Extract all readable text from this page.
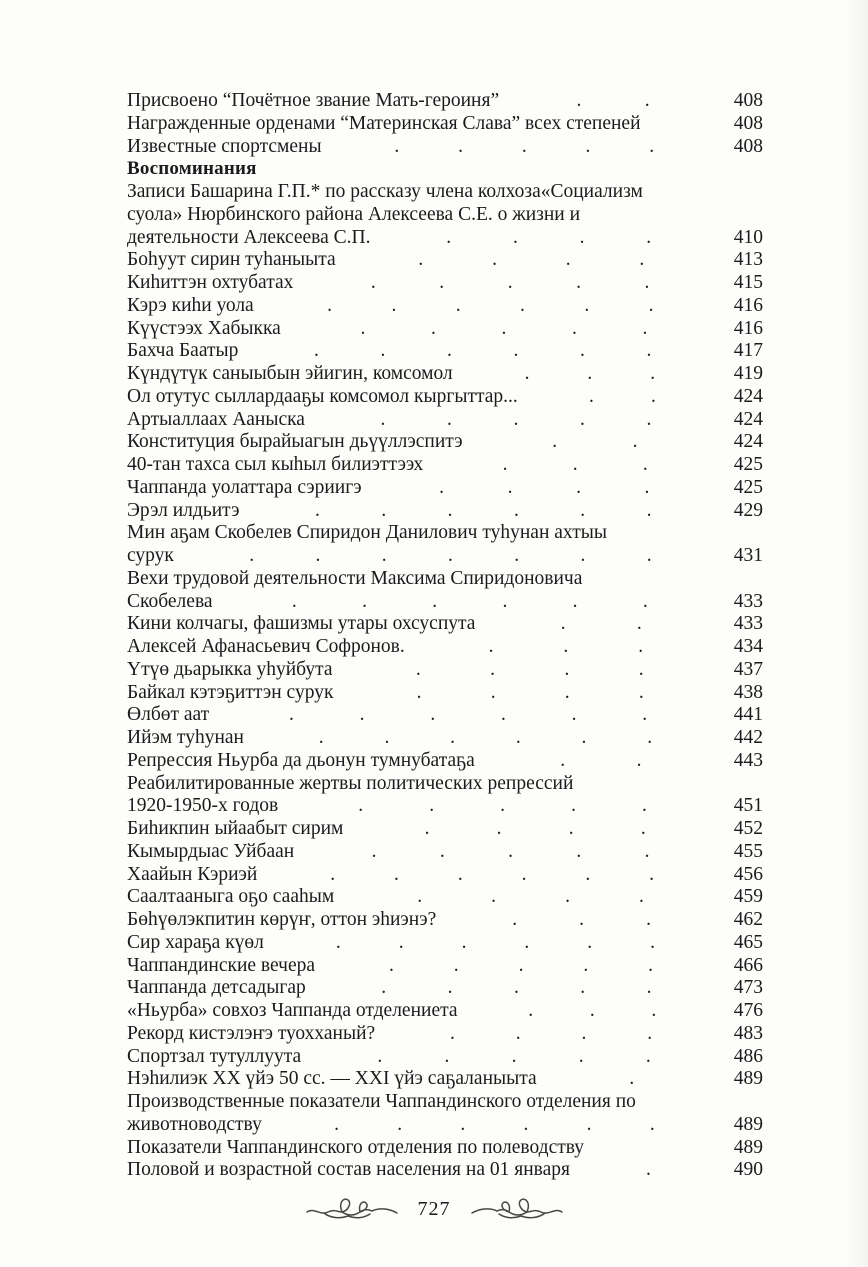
Присвоено “Почётное звание Мать-героиня”	.	.	408
Награжденные орденами “Материнская Слава” всех степеней	408
Известные спортсмены	.	.	.	.	.	408
Воспоминания
Записи Башарина Г.П.* по рассказу члена колхоза«Социализм
суола» Нюрбинского района Алексеева С.Е. о жизни и
деятельности Алексеева С.П.	.	.	.	.	410
Боһуут сирин туһаныыта	.	.	.	.	413
Киһиттэн охтубатах	.	.	.	.	.	415
Кэрэ киһи уола	.	.	.	.	.	.	416
Күүстээх Хабыкка	.	.	.	.	.	416
Бахча Баатыр	.	.	.	.	.	.	417
Күндүтүк саныыбын эйигин, комсомол	.	.	.	419
Ол отутус сыллардааҕы комсомол кыргыттар...	.	.	424
Артыаллаах Ааныска	.	.	.	.	.	424
Конституция бырайыагын дьүүллэспитэ	.	.	424
40-тан тахса сыл кыһыл билиэттээх	.	.	.	425
Чаппанда уолаттара сэриигэ	.	.	.	.	425
Эрэл илдьитэ	.	.	.	.	.	.	429
Мин аҕам Скобелев Спиридон Данилович туһунан ахтыы
сурук	.	.	.	.	.	.	.	431
Вехи трудовой деятельности Максима Спиридоновича
Скобелева	.	.	.	.	.	.	433
Кини колчагы, фашизмы утары охсуспута	.	.	433
Алексей Афанасьевич Софронов.	.	.	.	434
Үтүө дьарыкка уһуйбута	.	.	.	.	437
Байкал кэтэҕиттэн сурук	.	.	.	.	438
Өлбөт аат	.	.	.	.	.	.	441
Ийэм туһунан	.	.	.	.	.	.	442
Репрессия Ньурба да дьонун тумнубатаҕа	.	.	443
Реабилитированные жертвы политических репрессий
1920-1950-х годов	.	.	.	.	.	451
Биһикпин ыйаабыт сирим	.	.	.	.	452
Кымырдыас Уйбаан	.	.	.	.	.	455
Хаайын Кэриэй	.	.	.	.	.	.	456
Саалтааныга оҕо сааһым	.	.	.	.	459
Бөһүөлэкпитин көрүҥ, оттон эһиэнэ?	.	.	.	462
Сир хараҕа күөл	.	.	.	.	.	.	465
Чаппандинские вечера	.	.	.	.	.	466
Чаппанда детсадыгар	.	.	.	.	.	473
«Ньурба» совхоз Чаппанда отделениета	.	.	.	476
Рекорд кистэлэҥэ туохханый?	.	.	.	.	483
Спортзал тутуллуута	.	.	.	.	.	486
Нэһилиэк XX үйэ 50 сс. — XXI үйэ саҕаланыыта	.	489
Производственные показатели Чаппандинского отделения по
животноводству	.	.	.	.	.	.	489
Показатели Чаппандинского отделения по полеводству	489
Половой и возрастной состав населения на 01 января	.	490
727
